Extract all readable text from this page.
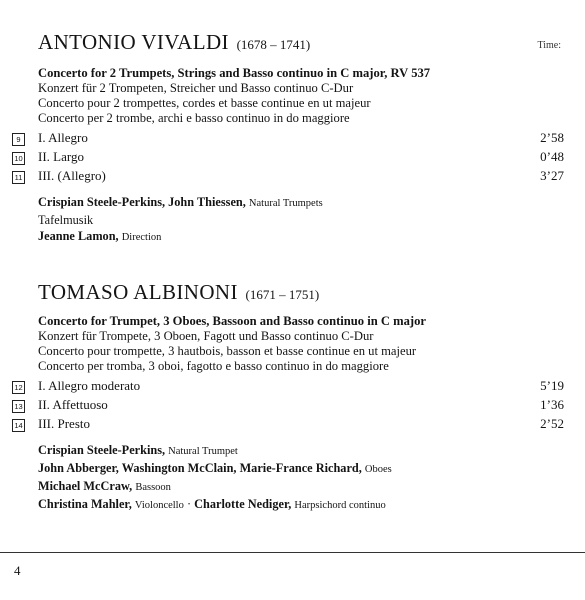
ANTONIO VIVALDI (1678 – 1741)	Time:
Concerto for 2 Trumpets, Strings and Basso continuo in C major, RV 537
Konzert für 2 Trompeten, Streicher und Basso continuo C-Dur
Concerto pour 2 trompettes, cordes et basse continue en ut majeur
Concerto per 2 trombe, archi e basso continuo in do maggiore
9	I. Allegro	2’58
10 II. Largo	0’48
11 III. (Allegro)	3’27
Crispian Steele-Perkins, John Thiessen, Natural Trumpets
Tafelmusik
Jeanne Lamon, Direction
TOMASO ALBINONI (1671 – 1751)
Concerto for Trumpet, 3 Oboes, Bassoon and Basso continuo in C major
Konzert für Trompete, 3 Oboen, Fagott und Basso continuo C-Dur
Concerto pour trompette, 3 hautbois, basson et basse continue en ut majeur
Concerto per tromba, 3 oboi, fagotto e basso continuo in do maggiore
12 I. Allegro moderato	5’19
13 II. Affettuoso	1’36
14 III. Presto	2’52
Crispian Steele-Perkins, Natural Trumpet
John Abberger, Washington McClain, Marie-France Richard, Oboes
Michael McCraw, Bassoon
Christina Mahler, Violoncello · Charlotte Nediger, Harpsichord continuo
4
